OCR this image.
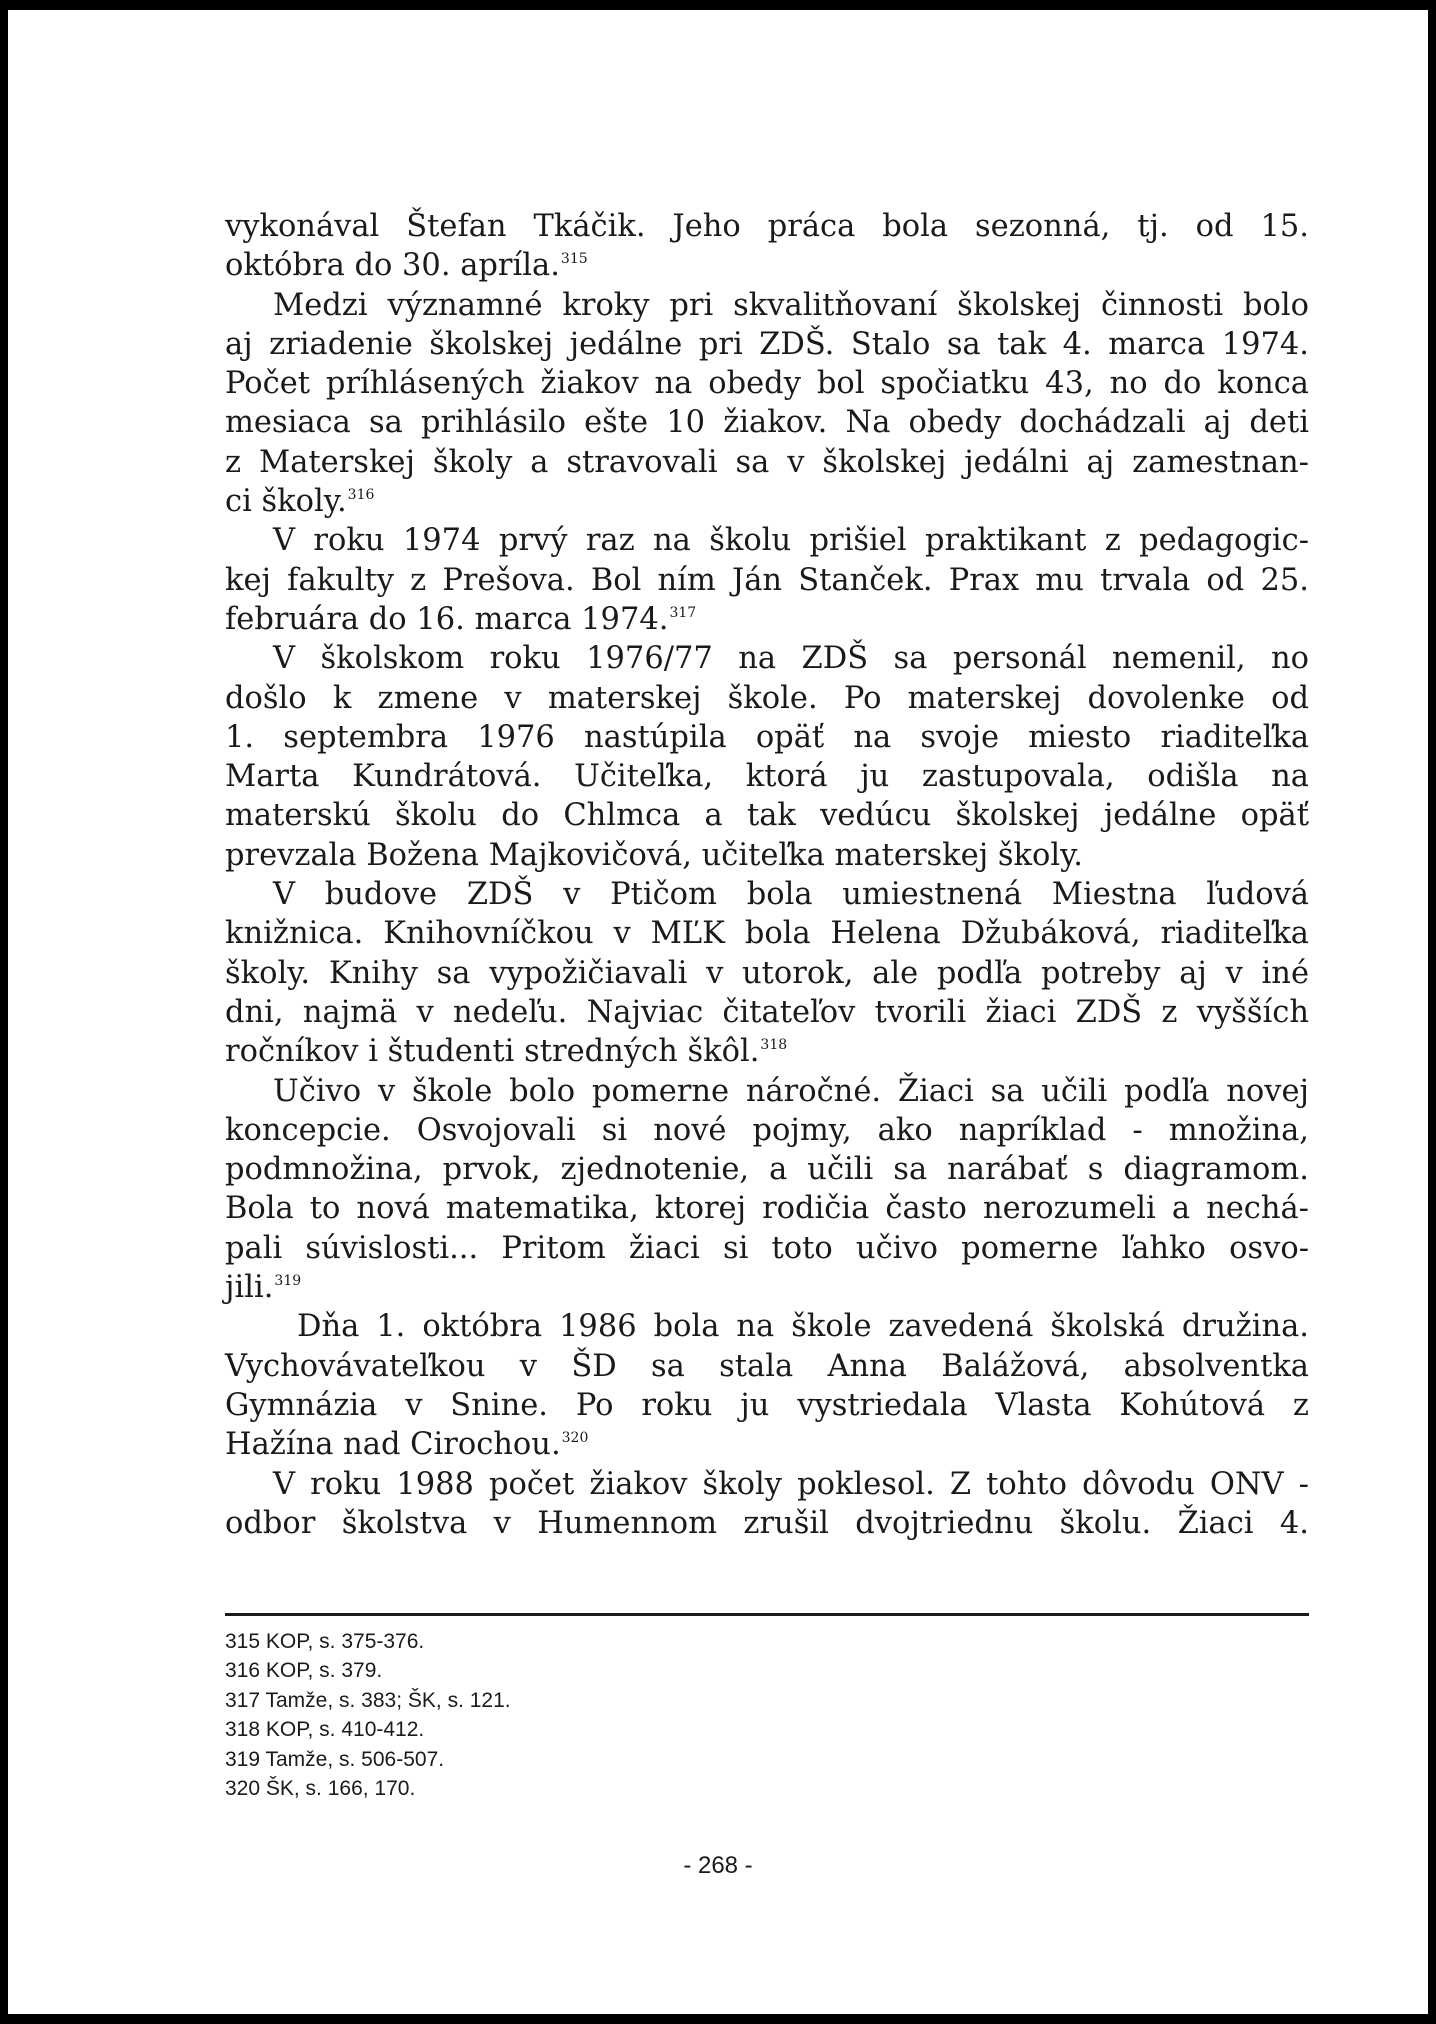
vykonával Štefan Tkáčik. Jeho práca bola sezonná, tj. od 15.
októbra do 30. apríla.$^{315}$
Medzi významné kroky pri skvalitňovaní školskej činnosti bolo
aj zriadenie školskej jedálne pri ZDŠ. Stalo sa tak 4. marca 1974.
Počet príhlásených žiakov na obedy bol spočiatku 43, no do konca
mesiaca sa prihlásilo ešte 10 žiakov. Na obedy dochádzali aj deti
z Materskej školy a stravovali sa v školskej jedálni aj zamestnan-
ci školy.$^{316}$
V roku 1974 prvý raz na školu prišiel praktikant z pedagogic-
kej fakulty z Prešova. Bol ním Ján Stanček. Prax mu trvala od 25.
februára do 16. marca 1974.$^{317}$
V školskom roku 1976/77 na ZDŠ sa personál nemenil, no
došlo k zmene v materskej škole. Po materskej dovolenke od
1. septembra 1976 nastúpila opäť na svoje miesto riaditeľka
Marta Kundrátová. Učiteľka, ktorá ju zastupovala, odišla na
materskú školu do Chlmca a tak vedúcu školskej jedálne opäť
prevzala Božena Majkovičová, učiteľka materskej školy.
V budove ZDŠ v Ptičom bola umiestnená Miestna ľudová
knižnica. Knihovníčkou v MĽK bola Helena Džubáková, riaditeľka
školy. Knihy sa vypožičiavali v utorok, ale podľa potreby aj v iné
dni, najmä v nedeľu. Najviac čitateľov tvorili žiaci ZDŠ z vyšších
ročníkov i študenti stredných škôl.$^{318}$
Učivo v škole bolo pomerne náročné. Žiaci sa učili podľa novej
koncepcie. Osvojovali si nové pojmy, ako napríklad - množina,
podmnožina, prvok, zjednotenie, a učili sa narábať s diagramom.
Bola to nová matematika, ktorej rodičia často nerozumeli a nechá-
pali súvislosti... Pritom žiaci si toto učivo pomerne ľahko osvo-
jili.$^{319}$
Dňa 1. októbra 1986 bola na škole zavedená školská družina.
Vychovávateľkou v ŠD sa stala Anna Balážová, absolventka
Gymnázia v Snine. Po roku ju vystriedala Vlasta Kohútová z
Hažína nad Cirochou.$^{320}$
V roku 1988 počet žiakov školy poklesol. Z tohto dôvodu ONV -
odbor školstva v Humennom zrušil dvojtriednu školu. Žiaci 4.
315 KOP, s. 375-376.
316 KOP, s. 379.
317 Tamže, s. 383; ŠK, s. 121.
318 KOP, s. 410-412.
319 Tamže, s. 506-507.
320 ŠK, s. 166, 170.
- 268 -
